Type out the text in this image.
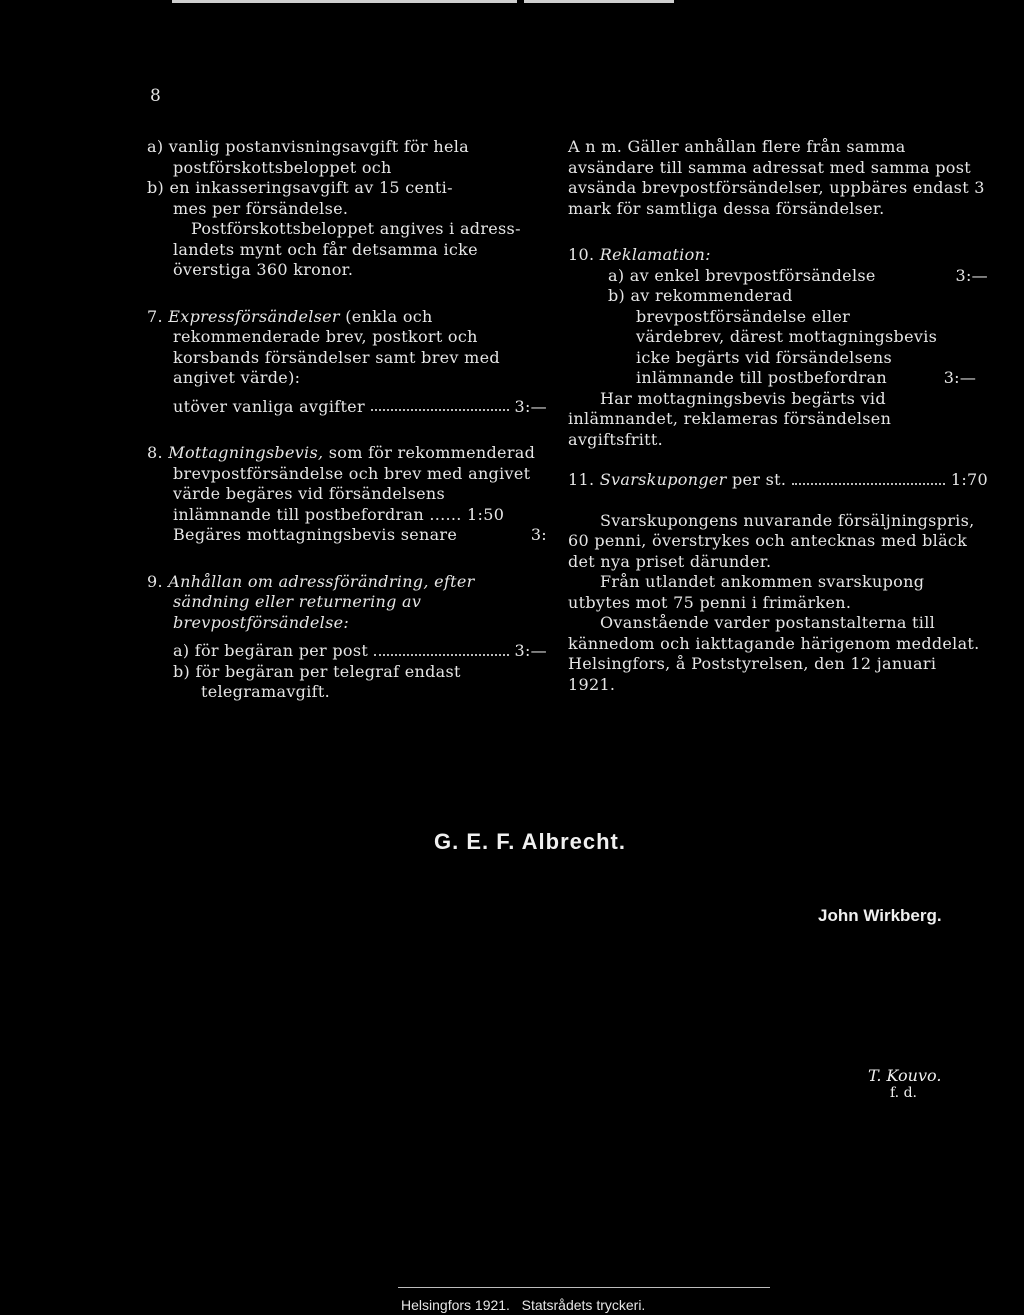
8
a) vanlig postanvisningsavgift för hela
postförskottsbeloppet och
b) en inkasseringsavgift av 15 centi-
mes per försändelse.
Postförskottsbeloppet angives i adress-landets mynt och får detsamma icke överstiga 360 kronor.
7. Expressförsändelser (enkla och rekommenderade brev, postkort och korsbands försändelser samt brev med angivet värde):
utöver vanliga avgifter	3:—
8. Mottagningsbevis, som för rekommenderad brevpostförsändelse och brev med angivet värde begäres vid försändelsens inlämnande till postbefordran ...... 1:50
Begäres mottagningsbevis senare	3:
9. Anhållan om adressförändring, efter sändning eller returnering av brevpostförsändelse:
a) för begäran per post	3:—
b) för begäran per telegraf endast telegramavgift.
A n m. Gäller anhållan flere från samma avsändare till samma adressat med samma post avsända brevpostförsändelser, uppbäres endast 3 mark för samtliga dessa försändelser.
10. Reklamation:
a) av enkel brevpostförsändelse	3:—
b) av rekommenderad brevpostförsändelse eller värdebrev, därest mottagningsbevis icke begärts vid försändelsens inlämnande till postbefordran	3:—
Har mottagningsbevis begärts vid inlämnandet, reklameras försändelsen avgiftsfritt.
11. Svarskuponger per st.	1:70
Svarskupongens nuvarande försäljningspris, 60 penni, överstrykes och antecknas med bläck det nya priset därunder.
Från utlandet ankommen svarskupong utbytes mot 75 penni i frimärken.
Ovanstående varder postanstalterna till kännedom och iakttagande härigenom meddelat. Helsingfors, å Poststyrelsen, den 12 januari 1921.
G. E. F. Albrecht.
John Wirkberg.
T. Kouvo.
f. d.
Helsingfors 1921.   Statsrådets tryckeri.
